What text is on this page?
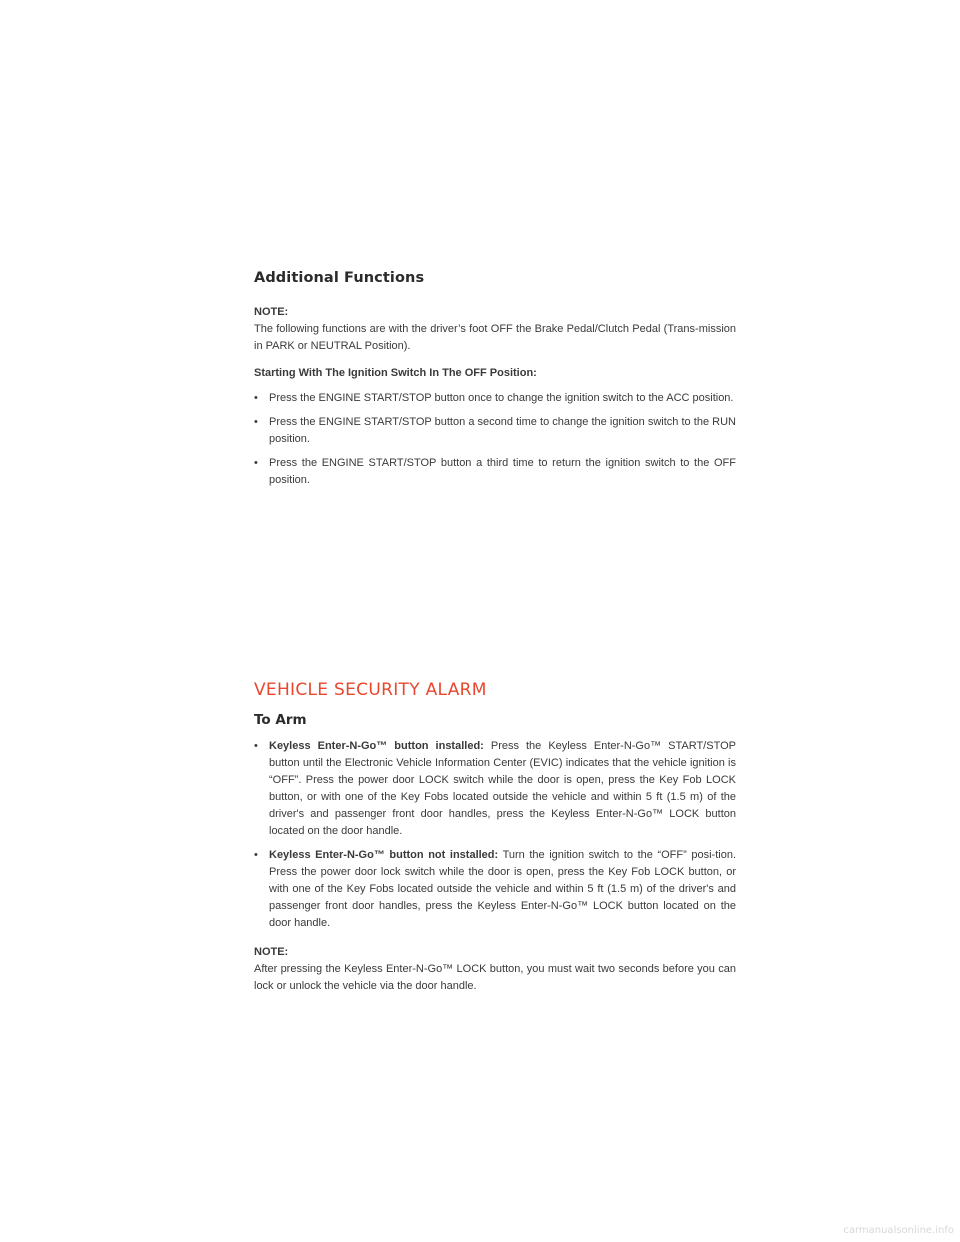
Additional Functions
NOTE:

The following functions are with the driver’s foot OFF the Brake Pedal/Clutch Pedal (Trans-mission in PARK or NEUTRAL Position).

Starting With The Ignition Switch In The OFF Position:
• Press the ENGINE START/STOP button once to change the ignition switch to the ACC position.
• Press the ENGINE START/STOP button a second time to change the ignition switch to the RUN position.
• Press the ENGINE START/STOP button a third time to return the ignition switch to the OFF position.
VEHICLE SECURITY ALARM
To Arm
• Keyless Enter-N-Go™ button installed: Press the Keyless Enter-N-Go™ START/STOP button until the Electronic Vehicle Information Center (EVIC) indicates that the vehicle ignition is “OFF”. Press the power door LOCK switch while the door is open, press the Key Fob LOCK button, or with one of the Key Fobs located outside the vehicle and within 5 ft (1.5 m) of the driver's and passenger front door handles, press the Keyless Enter-N-Go™ LOCK button located on the door handle.
• Keyless Enter-N-Go™ button not installed: Turn the ignition switch to the “OFF” posi-tion. Press the power door lock switch while the door is open, press the Key Fob LOCK button, or with one of the Key Fobs located outside the vehicle and within 5 ft (1.5 m) of the driver's and passenger front door handles, press the Keyless Enter-N-Go™ LOCK button located on the door handle.
NOTE:

After pressing the Keyless Enter-N-Go™ LOCK button, you must wait two seconds before you can lock or unlock the vehicle via the door handle.

carmanualsonline.info
